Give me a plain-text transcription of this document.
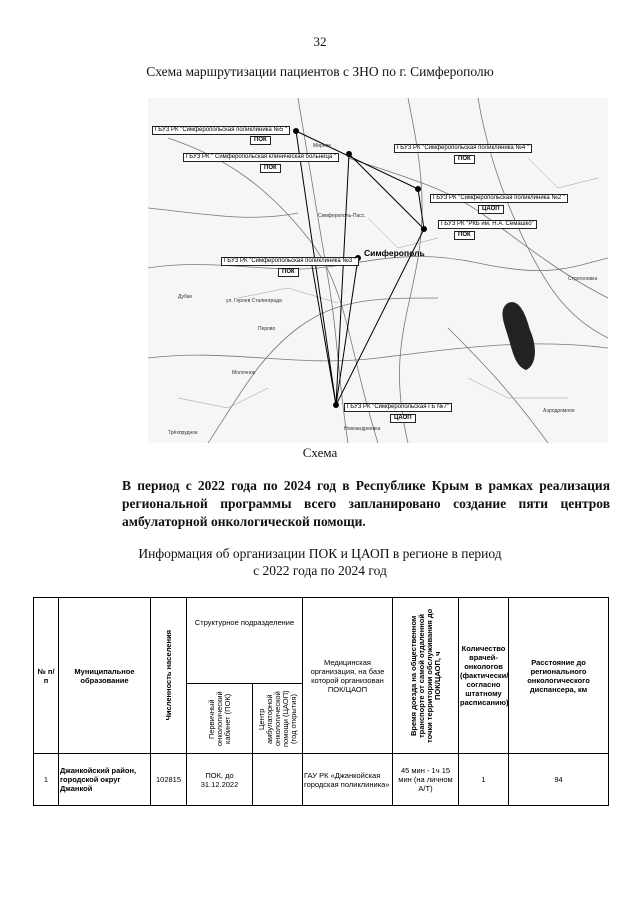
32
Схема маршрутизации пациентов с ЗНО по г. Симферополю
ГБУЗ РК "Симферопольская поликлиника №5 "
ПОК
ГБУЗ РК " Симферопольская клиническая больница "
ПОК
ГБУЗ РК "Симферопольская поликлиника №4 "
ПОК
ГБУЗ РК "Симферопольская поликлиника №2 "
ЦАОП
ГБУЗ РК "РКБ им. Н.А. Семашко"
ПОК
ГБУЗ РК "Симферопольская поликлиника №3 "
ПОК
ГБУЗ РК "Симферопольская ГБ №7"
ЦАОП
Симферополь
Мирное
Симферополь-Пасс.
Дубки
ул. Героев Сталинграда
Перово
Молочное
Строгоновка
Новоандреевка
Трёхпрудное
Аэродромное
Схема
В период с 2022 года по 2024 год в Республике Крым в рамках реализация региональной программы всего запланировано создание пяти центров амбулаторной онкологической помощи.
Информация об организации ПОК и ЦАОП в регионе в период
с 2022 года по 2024 год
№ п/ п	Муниципальное образование	Численность населения	Структурное подразделение		Медицинская организация, на базе которой организован ПОК/ЦАОП	Время доезда на общественном транспорте от самой отдаленной точки территории обслуживания до ПОК/ЦАОП, ч	Количество врачей-онкологов (фактически/ согласно штатному расписанию)	Расстояние до регионального онкологического диспансера, км

			Первичный онкологический кабинет (ПОК)	Центр амбулаторной онкологической помощи (ЦАОП) (год открытия)				

1	Джанкойский район, городской округ Джанкой	102815	ПОК, до 31.12.2022		ГАУ РК «Джанкойская городская поликлиника»	45 мин - 1ч 15 мин (на личном А/Т)	1	94
